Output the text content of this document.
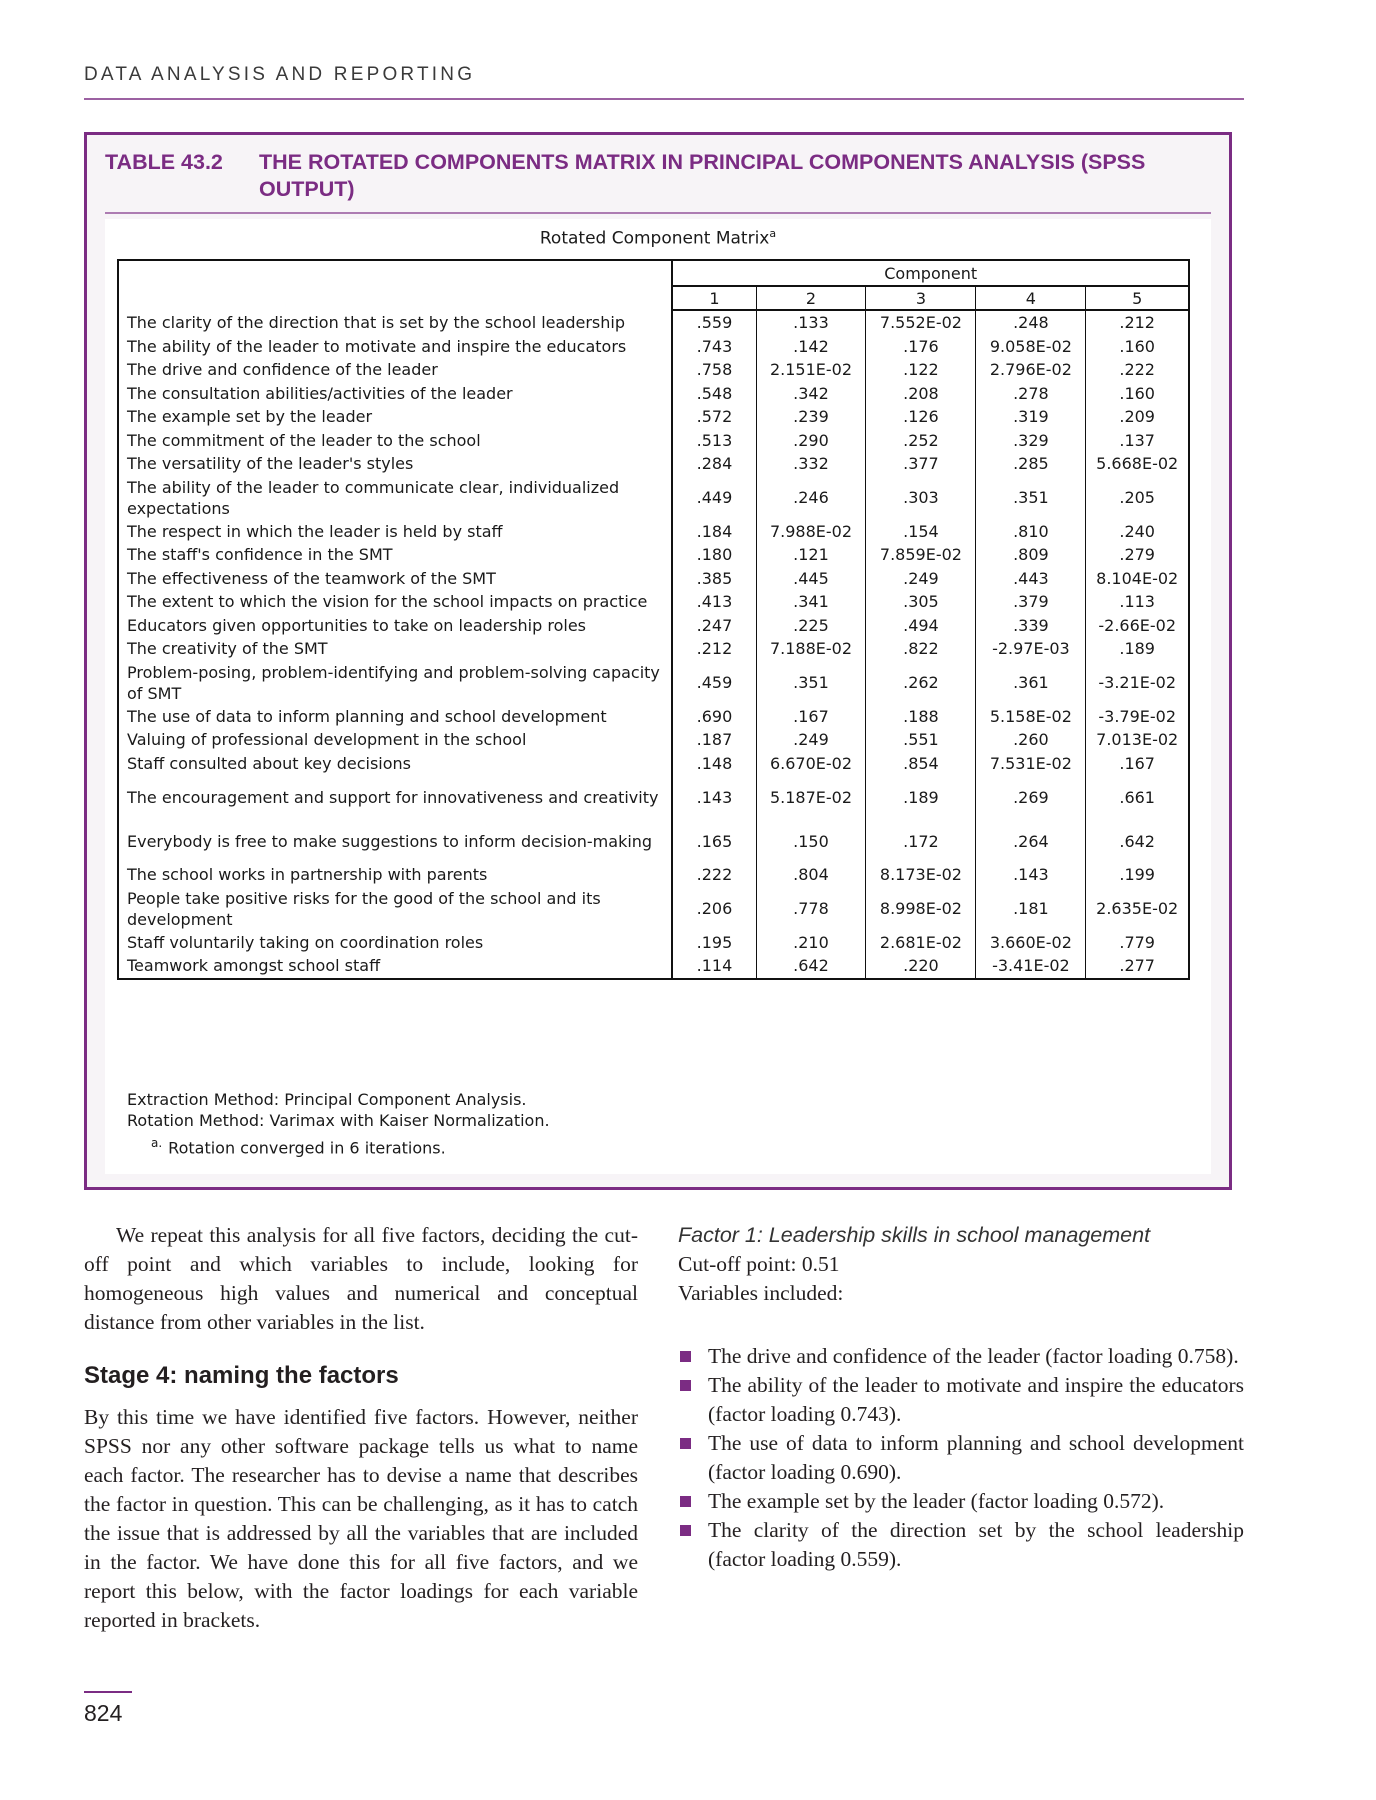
DATA ANALYSIS AND REPORTING
TABLE 43.2 THE ROTATED COMPONENTS MATRIX IN PRINCIPAL COMPONENTS ANALYSIS (SPSS OUTPUT)
Rotated Component Matrix$^a$
	Component				
	1	2	3	4	5
The clarity of the direction that is set by the school leadership	.559	.133	7.552E-02	.248	.212
The ability of the leader to motivate and inspire the educators	.743	.142	.176	9.058E-02	.160
The drive and confidence of the leader	.758	2.151E-02	.122	2.796E-02	.222
The consultation abilities/activities of the leader	.548	.342	.208	.278	.160
The example set by the leader	.572	.239	.126	.319	.209
The commitment of the leader to the school	.513	.290	.252	.329	.137
The versatility of the leader's styles	.284	.332	.377	.285	5.668E-02
The ability of the leader to communicate clear, individualized expectations	.449	.246	.303	.351	.205
The respect in which the leader is held by staff	.184	7.988E-02	.154	.810	.240
The staff's confidence in the SMT	.180	.121	7.859E-02	.809	.279
The effectiveness of the teamwork of the SMT	.385	.445	.249	.443	8.104E-02
The extent to which the vision for the school impacts on practice	.413	.341	.305	.379	.113
Educators given opportunities to take on leadership roles	.247	.225	.494	.339	-2.66E-02
The creativity of the SMT	.212	7.188E-02	.822	-2.97E-03	.189
Problem-posing, problem-identifying and problem-solving capacity of SMT	.459	.351	.262	.361	-3.21E-02
The use of data to inform planning and school development	.690	.167	.188	5.158E-02	-3.79E-02
Valuing of professional development in the school	.187	.249	.551	.260	7.013E-02
Staff consulted about key decisions	.148	6.670E-02	.854	7.531E-02	.167
The encouragement and support for innovativeness and creativity	.143	5.187E-02	.189	.269	.661
Everybody is free to make suggestions to inform decision-making	.165	.150	.172	.264	.642
The school works in partnership with parents	.222	.804	8.173E-02	.143	.199
People take positive risks for the good of the school and its development	.206	.778	8.998E-02	.181	2.635E-02
Staff voluntarily taking on coordination roles	.195	.210	2.681E-02	3.660E-02	.779
Teamwork amongst school staff	.114	.642	.220	-3.41E-02	.277
Extraction Method: Principal Component Analysis.
Rotation Method: Varimax with Kaiser Normalization.
$^{a.}$ Rotation converged in 6 iterations.

We repeat this analysis for all five factors, deciding the cut-off point and which variables to include, looking for homogeneous high values and numerical and conceptual distance from other variables in the list.

Stage 4: naming the factors

By this time we have identified five factors. However, neither SPSS nor any other software package tells us what to name each factor. The researcher has to devise a name that describes the factor in question. This can be challenging, as it has to catch the issue that is addressed by all the variables that are included in the factor. We have done this for all five factors, and we report this below, with the factor loadings for each variable reported in brackets.

Factor 1: Leadership skills in school management
Cut-off point: 0.51
Variables included:
The drive and confidence of the leader (factor loading 0.758).
The ability of the leader to motivate and inspire the educators (factor loading 0.743).
The use of data to inform planning and school development (factor loading 0.690).
The example set by the leader (factor loading 0.572).
The clarity of the direction set by the school leadership (factor loading 0.559).
824
